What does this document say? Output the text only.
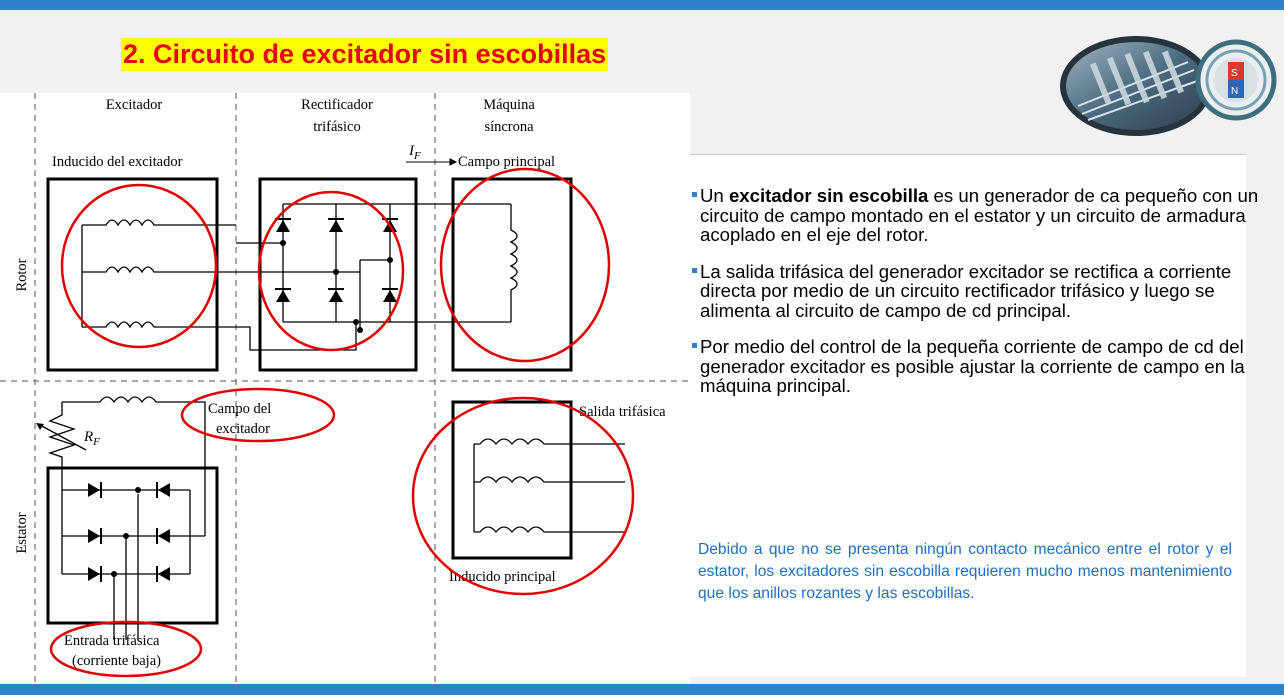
2. Circuito de excitador sin escobillas
S
N
Excitador	Rectificador
trifásico
Máquina
síncrona
Inducido del excitador	Campo principal
$I_F$
Rotor
Estator
$R_F$
Campo del
excitador
Entrada trifásica
(corriente baja)
Salida trifásica
Inducido principal
Un excitador sin escobilla es un generador de ca pequeño con un circuito de campo montado en el estator y un circuito de armadura acoplado en el eje del rotor.
La salida trifásica del generador excitador se rectifica a corriente directa por medio de un circuito rectificador trifásico y luego se alimenta al circuito de campo de cd principal.
Por medio del control de la pequeña corriente de campo de cd del generador excitador es posible ajustar la corriente de campo en la máquina principal.
Debido a que no se presenta ningún contacto mecánico entre el rotor y el estator, los excitadores sin escobilla requieren mucho menos mantenimiento que los anillos rozantes y las escobillas.
